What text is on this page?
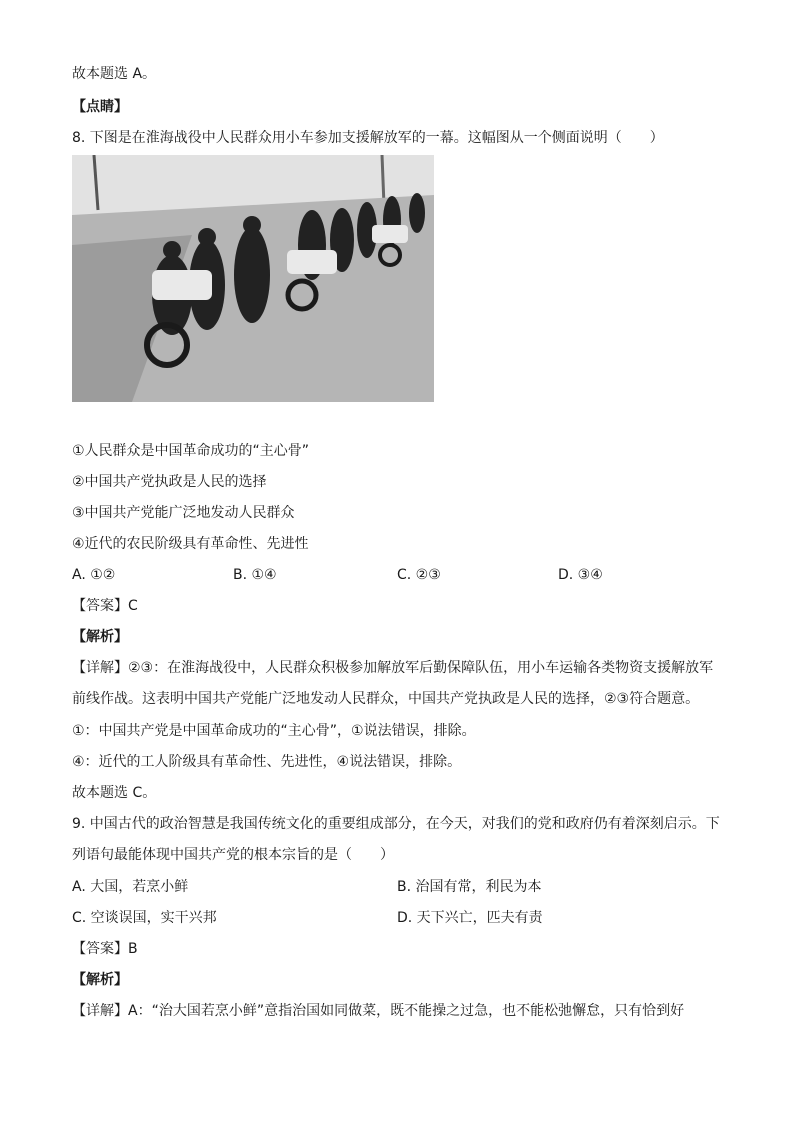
故本题选 A。
【点睛】
8. 下图是在淮海战役中人民群众用小车参加支援解放军的一幕。这幅图从一个侧面说明（　　）
①人民群众是中国革命成功的“主心骨”
②中国共产党执政是人民的选择
③中国共产党能广泛地发动人民群众
④近代的农民阶级具有革命性、先进性
A. ①②	B. ①④	C. ②③	D. ③④
【答案】C
【解析】
【详解】②③：在淮海战役中，人民群众积极参加解放军后勤保障队伍，用小车运输各类物资支援解放军
前线作战。这表明中国共产党能广泛地发动人民群众，中国共产党执政是人民的选择，②③符合题意。
①：中国共产党是中国革命成功的“主心骨”，①说法错误，排除。
④：近代的工人阶级具有革命性、先进性，④说法错误，排除。
故本题选 C。
9. 中国古代的政治智慧是我国传统文化的重要组成部分，在今天，对我们的党和政府仍有着深刻启示。下
列语句最能体现中国共产党的根本宗旨的是（　　）
A. 大国，若烹小鲜	B. 治国有常，利民为本
C. 空谈误国，实干兴邦	D. 天下兴亡，匹夫有责
【答案】B
【解析】
【详解】A：“治大国若烹小鲜”意指治国如同做菜，既不能操之过急，也不能松弛懈怠，只有恰到好
